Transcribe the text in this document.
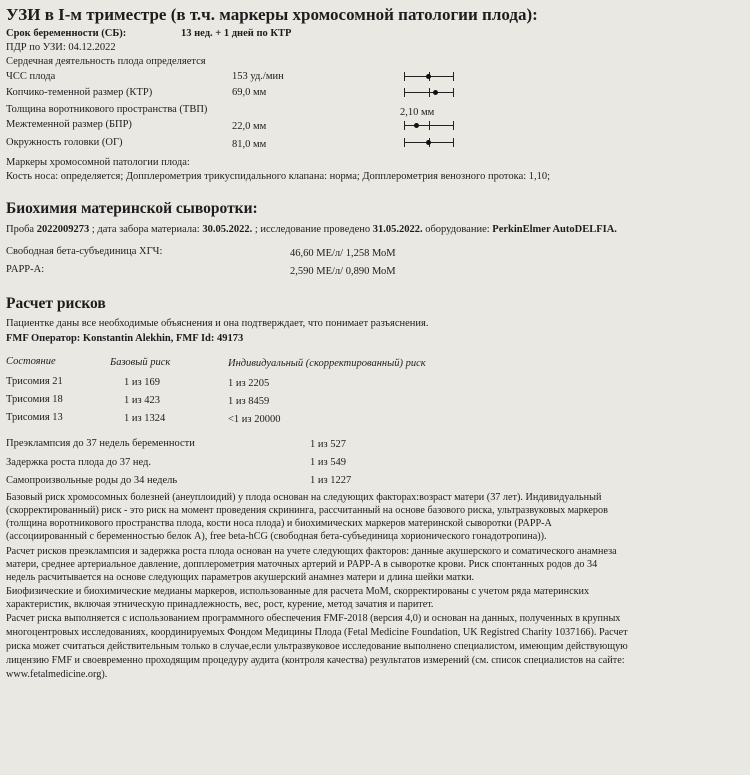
УЗИ в I-м триместре (в т.ч. маркеры хромосомной патологии плода):
Срок беременности (СБ):	13 нед. + 1 дней по КТР
ПДР по УЗИ: 04.12.2022
Сердечная деятельность плода определяется
ЧСС плода	153 уд./мин
Копчико-теменной размер (КТР)	69,0 мм
Толщина воротникового пространства (ТВП)	2,10 мм
Межтеменной размер (БПР)	22,0 мм
Окружность головки (ОГ)	81,0 мм
Маркеры хромосомной патологии плода:
Кость носа: определяется; Допплерометрия трикуспидального клапана: норма; Допплерометрия венозного протока: 1,10;
Биохимия материнской сыворотки:
Проба 2022009273 ; дата забора материала: 30.05.2022. ; исследование проведено 31.05.2022. оборудование: PerkinElmer AutoDELFIA.
Свободная бета-субъединица ХГЧ:	46,60 МЕ/л/ 1,258 МоМ
PAPP-A:	2,590 МЕ/л/ 0,890 МоМ
Расчет рисков
Пациентке даны все необходимые объяснения и она подтверждает, что понимает разъяснения.
FMF Оператор: Konstantin Alekhin, FMF Id: 49173
Состояние	Базовый риск	Индивидуальный (скорректированный) риск
Трисомия 21	1 из 169	1 из 2205
Трисомия 18	1 из 423	1 из 8459
Трисомия 13	1 из 1324	<1 из 20000
Преэклампсия до 37 недель беременности	1 из 527
Задержка роста плода до 37 нед.	1 из 549
Самопроизвольные роды до 34 недель	1 из 1227
Базовый риск хромосомных болезней (анеуплоидий) у плода основан на следующих факторах:возраст матери (37 лет). Индивидуальный
(скорректированный) риск - это риск на момент проведения скрининга, рассчитанный на основе базового риска, ультразвуковых маркеров
(толщина воротникового пространства плода, кости носа плода) и биохимических маркеров материнской сыворотки (PAPP-A
(ассоциированный с беременностью белок А), free beta-hCG (свободная бета-субъединица хорионического гонадотропина)).
Расчет рисков преэклампсия и задержка роста плода основан на учете следующих факторов: данные акушерского и соматического анамнеза
матери, среднее артериальное давление, допплерометрия маточных артерий и PAPP-A в сыворотке крови. Риск спонтанных родов до 34
недель расчитывается на основе следующих параметров акушерский анамнез матери и длина шейки матки.
Биофизические и биохимические медианы маркеров, использованные для расчета МоМ, скорректированы с учетом ряда материнских
характеристик, включая этническую принадлежность, вес, рост, курение, метод зачатия и паритет.
Расчет риска выполняется с использованием программного обеспечения FMF-2018 (версия 4,0) и основан на данных, полученных в крупных
многоцентровых исследованиях, координируемых Фондом Медицины Плода (Fetal Medicine Foundation, UK Registred Charity 1037166). Расчет
риска может считаться действительным только в случае,если ультразвуковое исследование выполнено специалистом, имеющим действующую
лицензию FMF и своевременно проходящим процедуру аудита (контроля качества) результатов измерений (см. список специалистов на сайте:
www.fetalmedicine.org).
